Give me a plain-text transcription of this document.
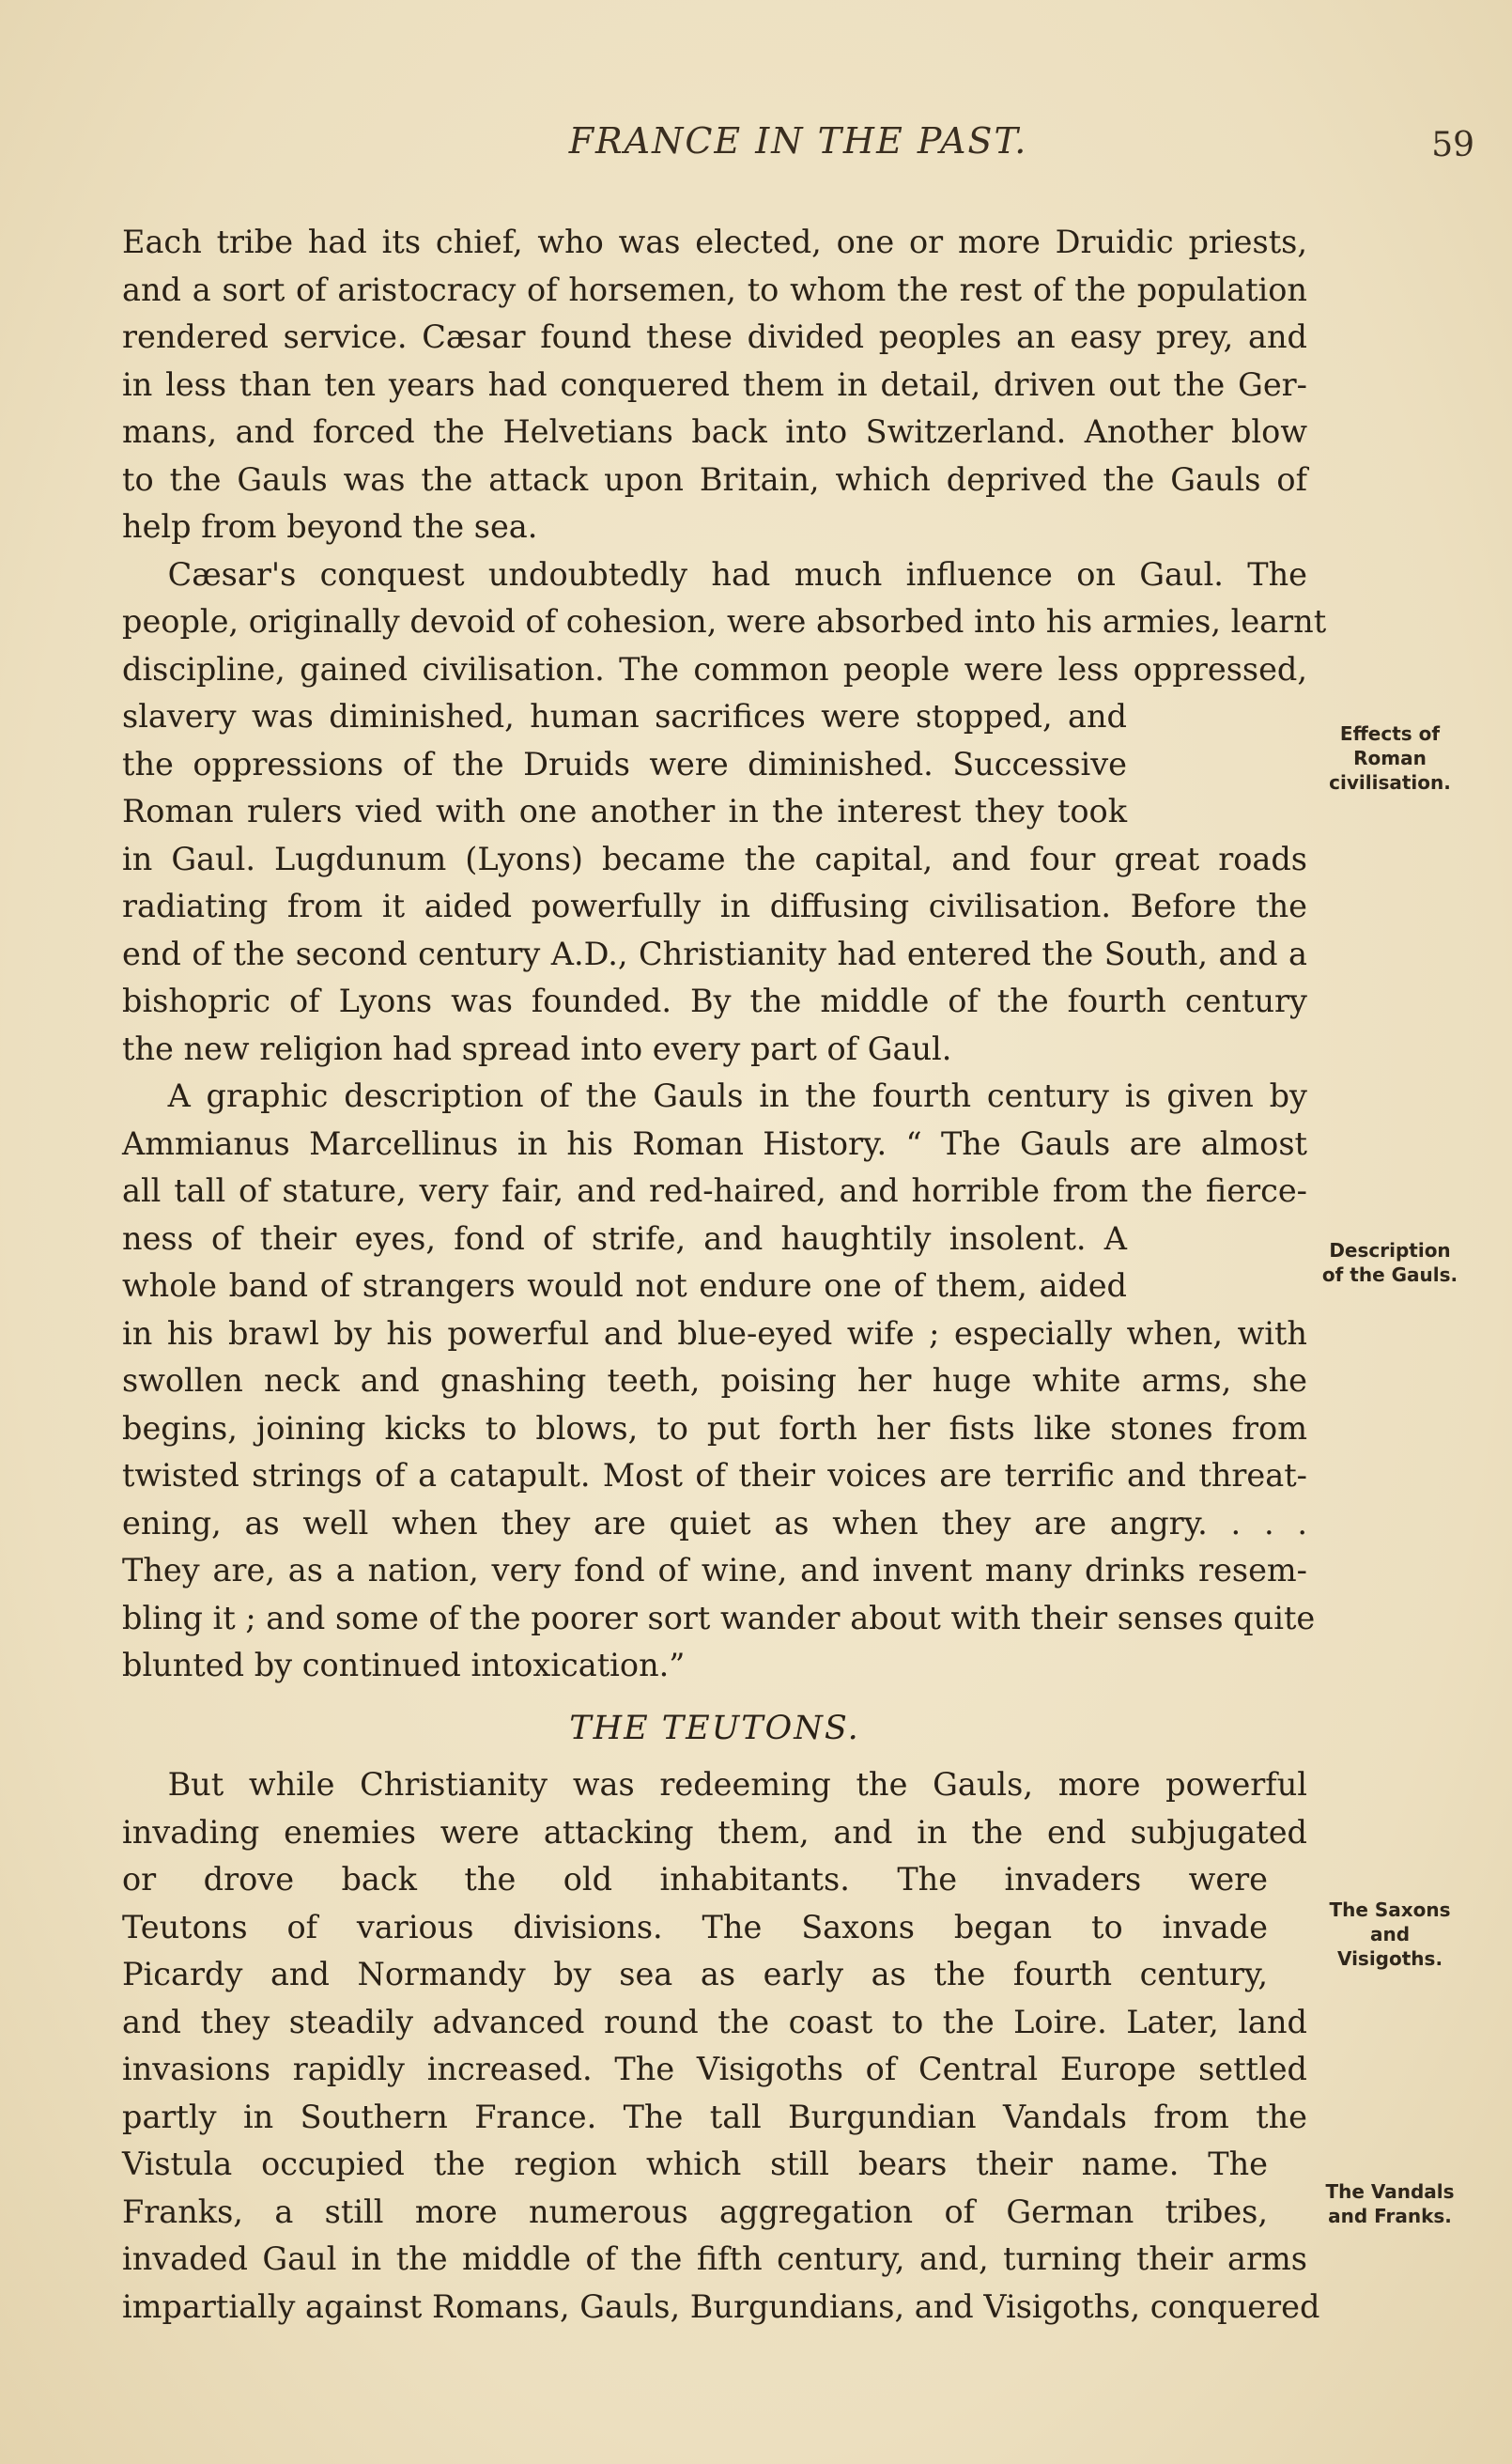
FRANCE IN THE PAST.	59

Each tribe had its chief, who was elected, one or more Druidic priests,
and a sort of aristocracy of horsemen, to whom the rest of the population
rendered service. Cæsar found these divided peoples an easy prey, and
in less than ten years had conquered them in detail, driven out the Ger-
mans, and forced the Helvetians back into Switzerland. Another blow
to the Gauls was the attack upon Britain, which deprived the Gauls of
help from beyond the sea.

Cæsar's conquest undoubtedly had much influence on Gaul. The
people, originally devoid of cohesion, were absorbed into his armies, learnt
discipline, gained civilisation. The common people were less oppressed,
slavery was diminished, human sacrifices were stopped, and
the oppressions of the Druids were diminished. Successive
Roman rulers vied with one another in the interest they took
in Gaul. Lugdunum (Lyons) became the capital, and four great roads
radiating from it aided powerfully in diffusing civilisation. Before the
end of the second century A.D., Christianity had entered the South, and a
bishopric of Lyons was founded. By the middle of the fourth century
the new religion had spread into every part of Gaul.

A graphic description of the Gauls in the fourth century is given by
Ammianus Marcellinus in his Roman History. “ The Gauls are almost
all tall of stature, very fair, and red-haired, and horrible from the fierce-
ness of their eyes, fond of strife, and haughtily insolent. A
whole band of strangers would not endure one of them, aided
in his brawl by his powerful and blue-eyed wife ; especially when, with
swollen neck and gnashing teeth, poising her huge white arms, she
begins, joining kicks to blows, to put forth her fists like stones from
twisted strings of a catapult. Most of their voices are terrific and threat-
ening, as well when they are quiet as when they are angry. . . .
They are, as a nation, very fond of wine, and invent many drinks resem-
bling it ; and some of the poorer sort wander about with their senses quite
blunted by continued intoxication.”

THE TEUTONS.

But while Christianity was redeeming the Gauls, more powerful
invading enemies were attacking them, and in the end subjugated
or drove back the old inhabitants. The invaders were
Teutons of various divisions. The Saxons began to invade
Picardy and Normandy by sea as early as the fourth century,
and they steadily advanced round the coast to the Loire. Later, land
invasions rapidly increased. The Visigoths of Central Europe settled
partly in Southern France. The tall Burgundian Vandals from the
Vistula occupied the region which still bears their name. The
Franks, a still more numerous aggregation of German tribes,
invaded Gaul in the middle of the fifth century, and, turning their arms
impartially against Romans, Gauls, Burgundians, and Visigoths, conquered

Effects of
Roman
civilisation.
Description
of the Gauls.
The Saxons
and
Visigoths.
The Vandals
and Franks.
